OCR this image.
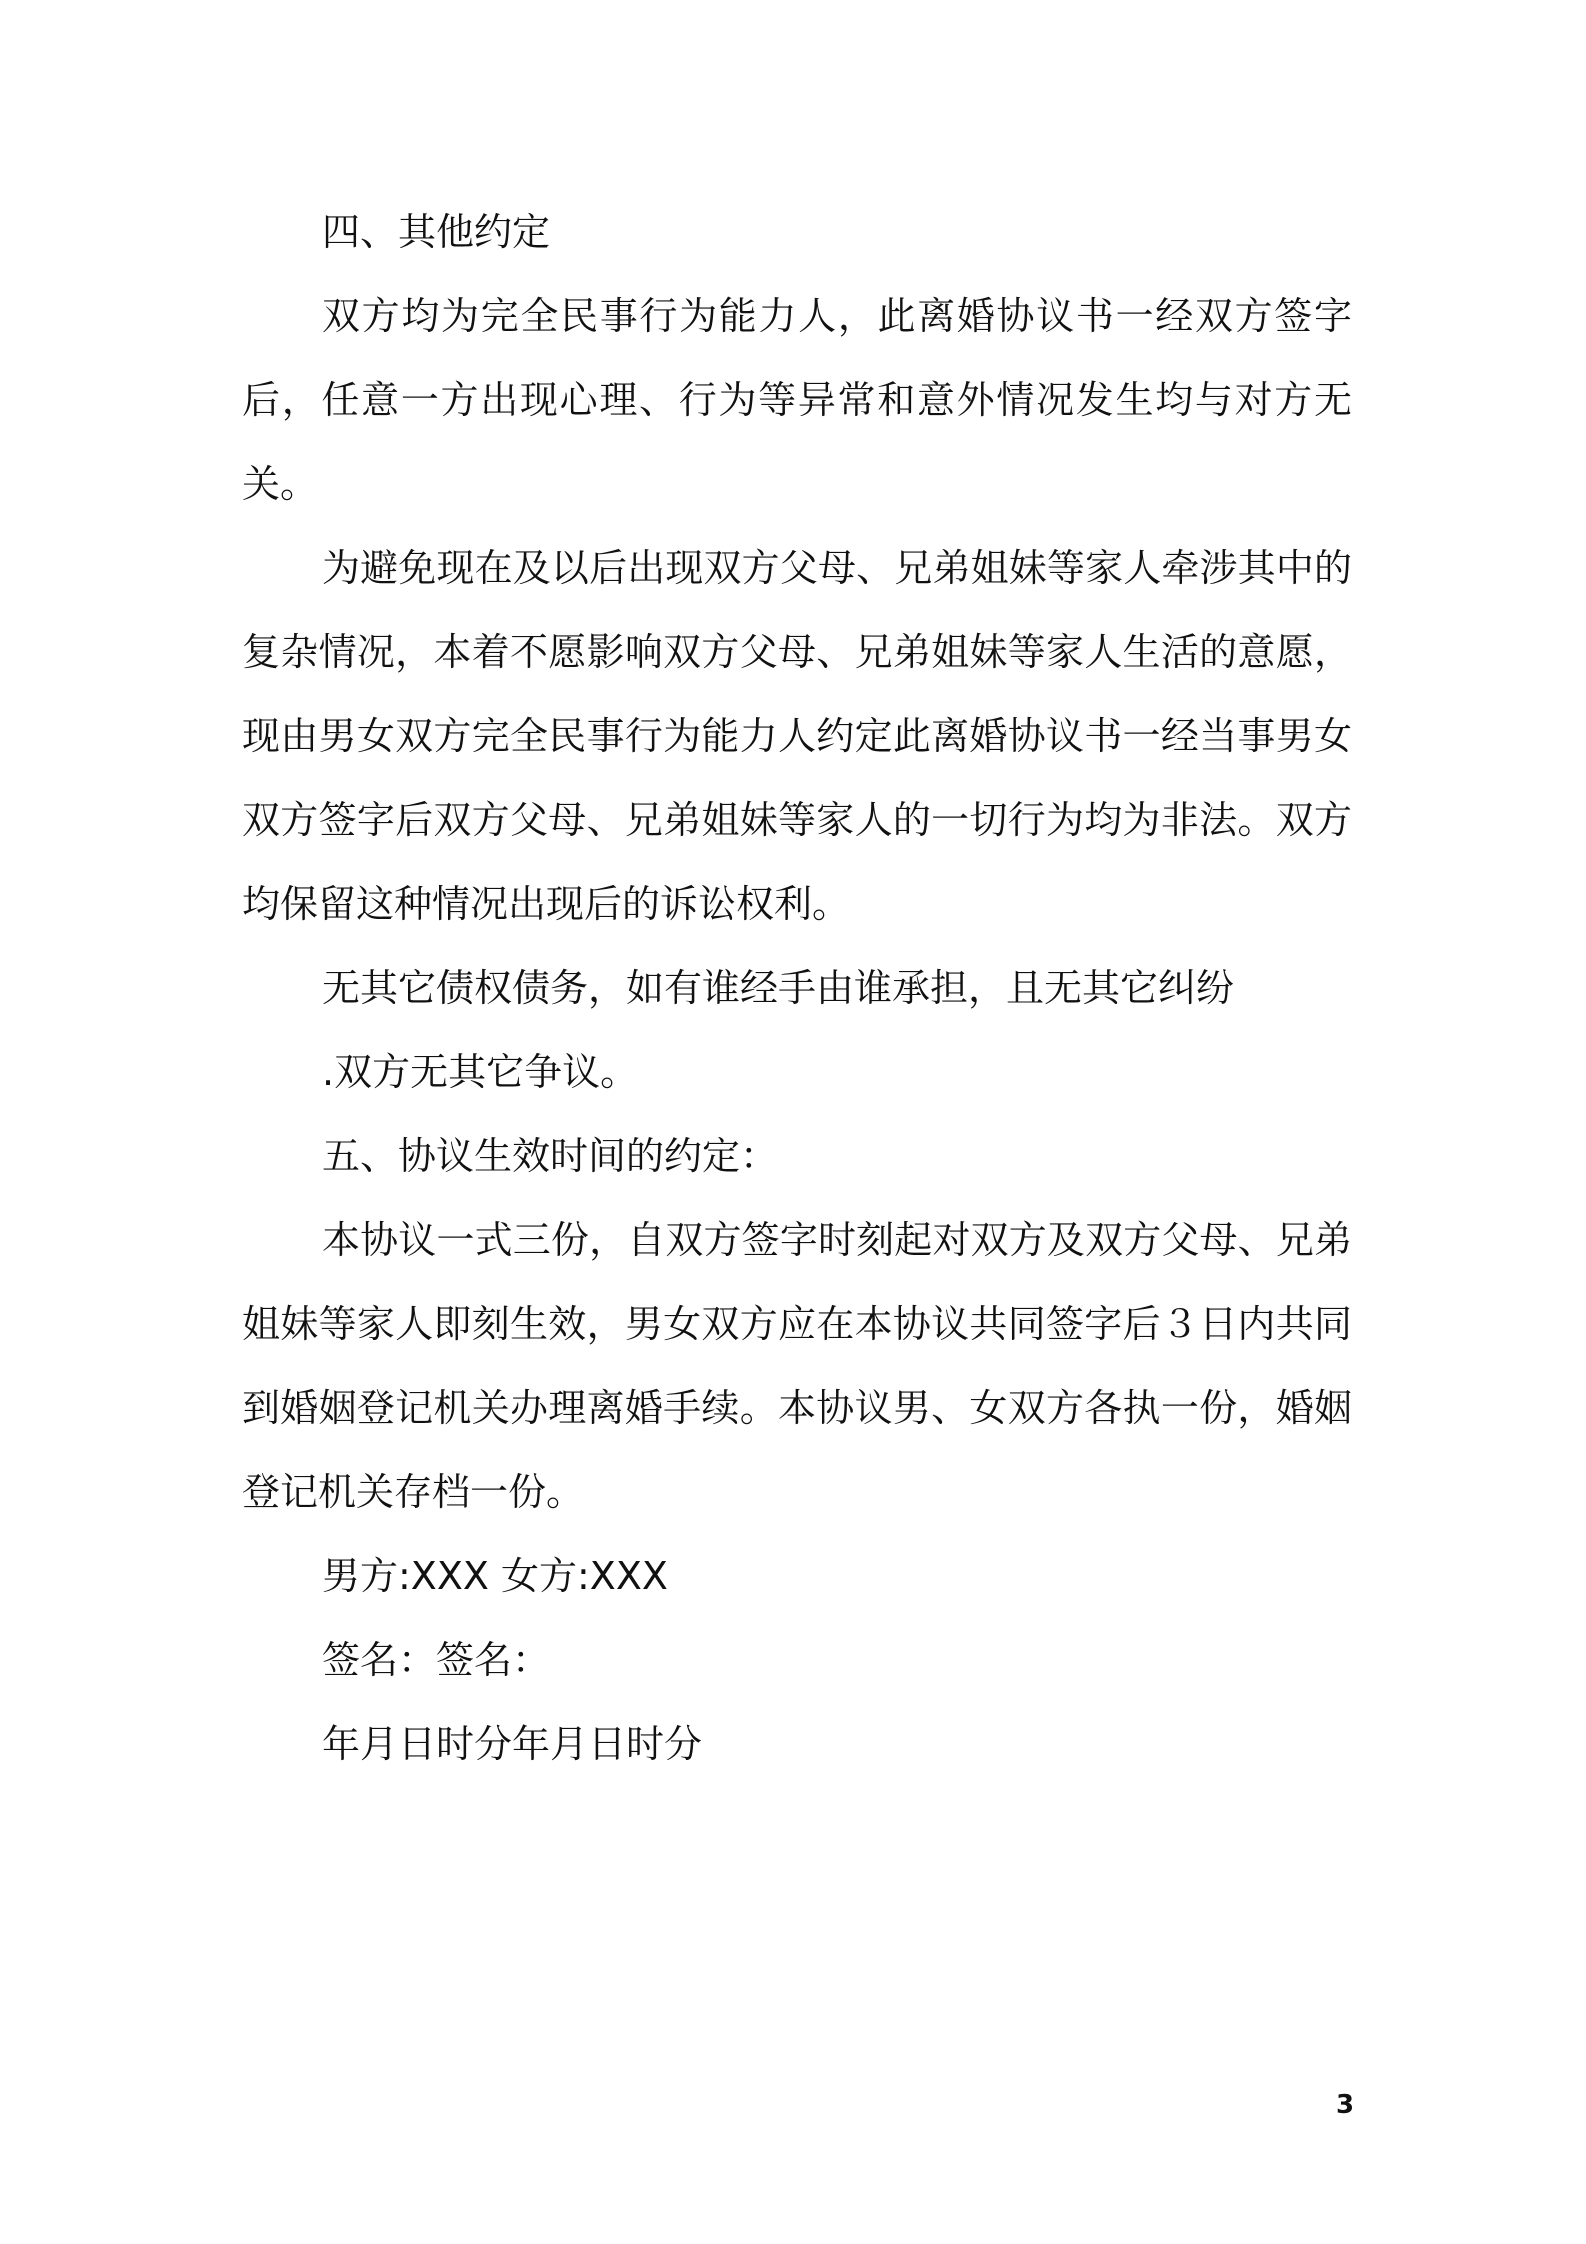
四、其他约定

双方均为完全民事行为能力人，此离婚协议书一经双方签字后，任意一方出现心理、行为等异常和意外情况发生均与对方无关。

为避免现在及以后出现双方父母、兄弟姐妹等家人牵涉其中的复杂情况，本着不愿影响双方父母、兄弟姐妹等家人生活的意愿，现由男女双方完全民事行为能力人约定此离婚协议书一经当事男女双方签字后双方父母、兄弟姐妹等家人的一切行为均为非法。双方均保留这种情况出现后的诉讼权利。

无其它债权债务，如有谁经手由谁承担，且无其它纠纷

.双方无其它争议。

五、协议生效时间的约定：

本协议一式三份，自双方签字时刻起对双方及双方父母、兄弟姐妹等家人即刻生效，男女双方应在本协议共同签字后３日内共同到婚姻登记机关办理离婚手续。本协议男、女双方各执一份，婚姻登记机关存档一份。

男方:XXX 女方:XXX

签名：签名：

年月日时分年月日时分

3
